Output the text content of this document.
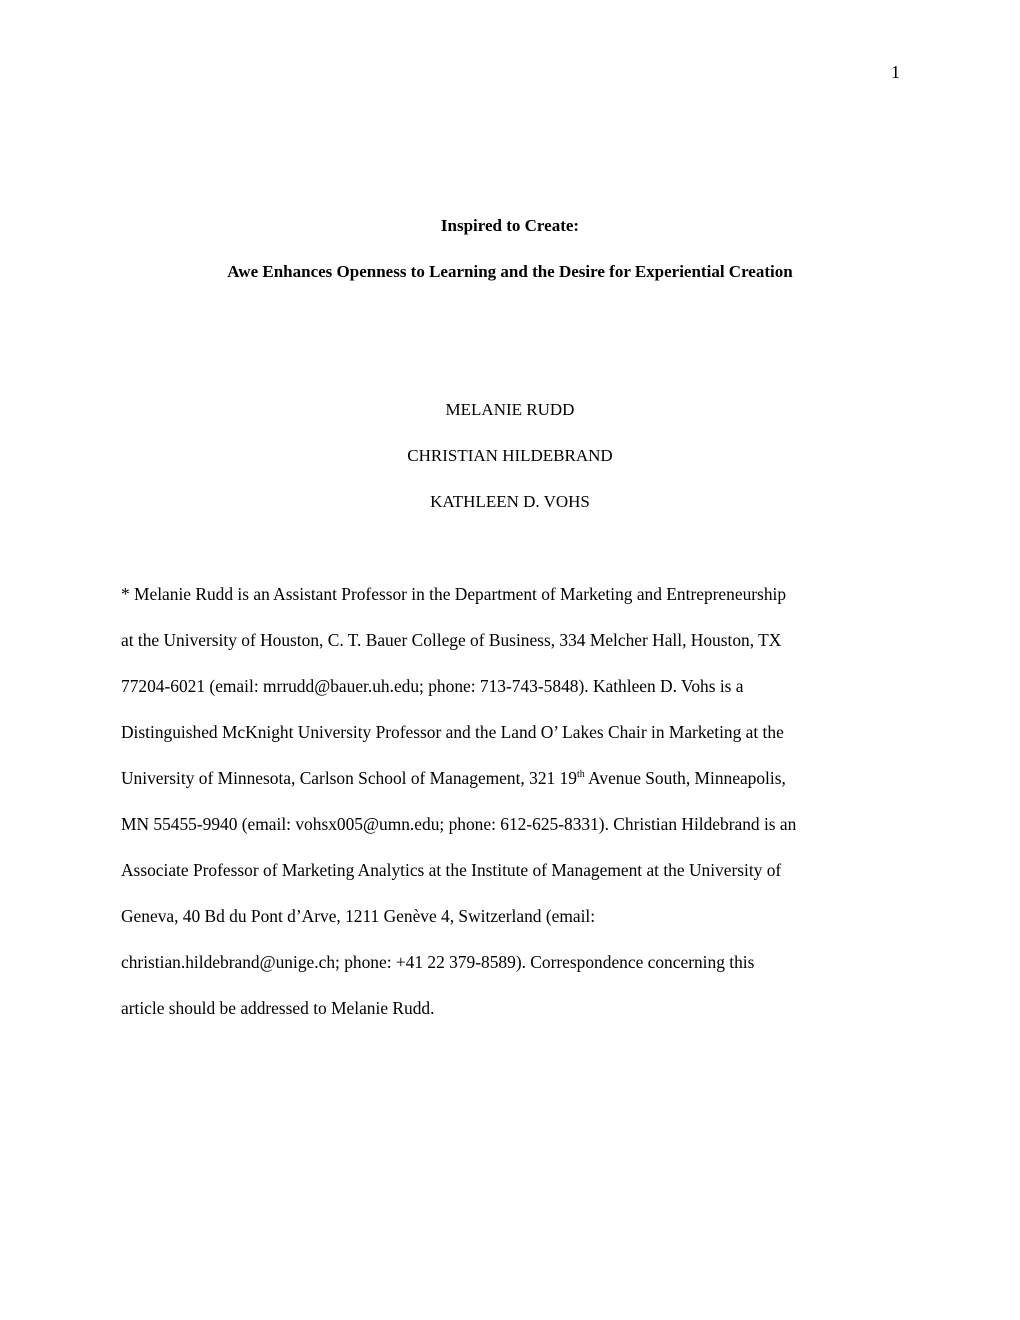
1
Inspired to Create:
Awe Enhances Openness to Learning and the Desire for Experiential Creation
MELANIE RUDD
CHRISTIAN HILDEBRAND
KATHLEEN D. VOHS
* Melanie Rudd is an Assistant Professor in the Department of Marketing and Entrepreneurship
at the University of Houston, C. T. Bauer College of Business, 334 Melcher Hall, Houston, TX
77204-6021 (email: mrrudd@bauer.uh.edu; phone: 713-743-5848). Kathleen D. Vohs is a
Distinguished McKnight University Professor and the Land O’ Lakes Chair in Marketing at the
University of Minnesota, Carlson School of Management, 321 19th Avenue South, Minneapolis,
MN 55455-9940 (email: vohsx005@umn.edu; phone: 612-625-8331). Christian Hildebrand is an
Associate Professor of Marketing Analytics at the Institute of Management at the University of
Geneva, 40 Bd du Pont d’Arve, 1211 Genève 4, Switzerland (email:
christian.hildebrand@unige.ch; phone: +41 22 379-8589). Correspondence concerning this
article should be addressed to Melanie Rudd.
